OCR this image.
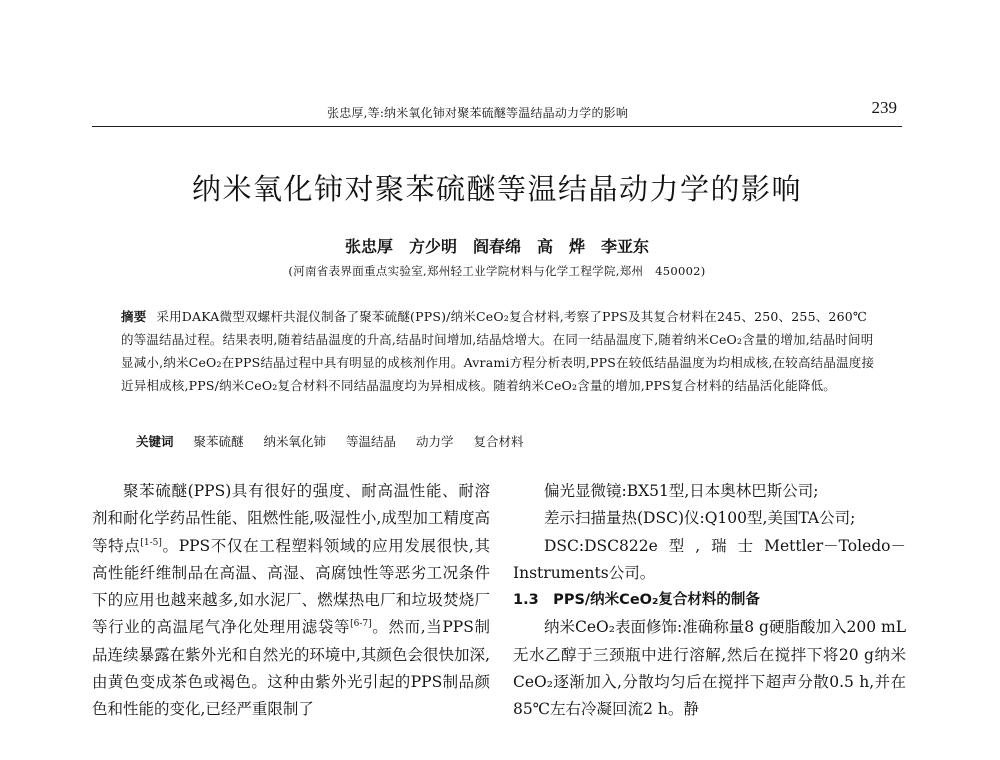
张忠厚,等:纳米氧化铈对聚苯硫醚等温结晶动力学的影响	239
纳米氧化铈对聚苯硫醚等温结晶动力学的影响
张忠厚　方少明　阎春绵　高　烨　李亚东
(河南省表界面重点实验室,郑州轻工业学院材料与化学工程学院,郑州　450002)
摘要 采用DAKA微型双螺杆共混仪制备了聚苯硫醚(PPS)/纳米CeO₂复合材料,考察了PPS及其复合材料在245、250、255、260℃的等温结晶过程。结果表明,随着结晶温度的升高,结晶时间增加,结晶焓增大。在同一结晶温度下,随着纳米CeO₂含量的增加,结晶时间明显减小,纳米CeO₂在PPS结晶过程中具有明显的成核剂作用。Avrami方程分析表明,PPS在较低结晶温度为均相成核,在较高结晶温度接近异相成核,PPS/纳米CeO₂复合材料不同结晶温度均为异相成核。随着纳米CeO₂含量的增加,PPS复合材料的结晶活化能降低。
关键词 聚苯硫醚 纳米氧化铈 等温结晶 动力学 复合材料

聚苯硫醚(PPS)具有很好的强度、耐高温性能、耐溶剂和耐化学药品性能、阻燃性能,吸湿性小,成型加工精度高等特点[1-5]。PPS不仅在工程塑料领域的应用发展很快,其高性能纤维制品在高温、高湿、高腐蚀性等恶劣工况条件下的应用也越来越多,如水泥厂、燃煤热电厂和垃圾焚烧厂等行业的高温尾气净化处理用滤袋等[6-7]。然而,当PPS制品连续暴露在紫外光和自然光的环境中,其颜色会很快加深,由黄色变成茶色或褐色。这种由紫外光引起的PPS制品颜色和性能的变化,已经严重限制了

偏光显微镜:BX51型,日本奥林巴斯公司;

差示扫描量热(DSC)仪:Q100型,美国TA公司;

DSC:DSC822e型,瑞士Mettler－Toledo－Instruments公司。

1.3　PPS/纳米CeO₂复合材料的制备

纳米CeO₂表面修饰:准确称量8 g硬脂酸加入200 mL无水乙醇于三颈瓶中进行溶解,然后在搅拌下将20 g纳米CeO₂逐渐加入,分散均匀后在搅拌下超声分散0.5 h,并在85℃左右冷凝回流2 h。静
